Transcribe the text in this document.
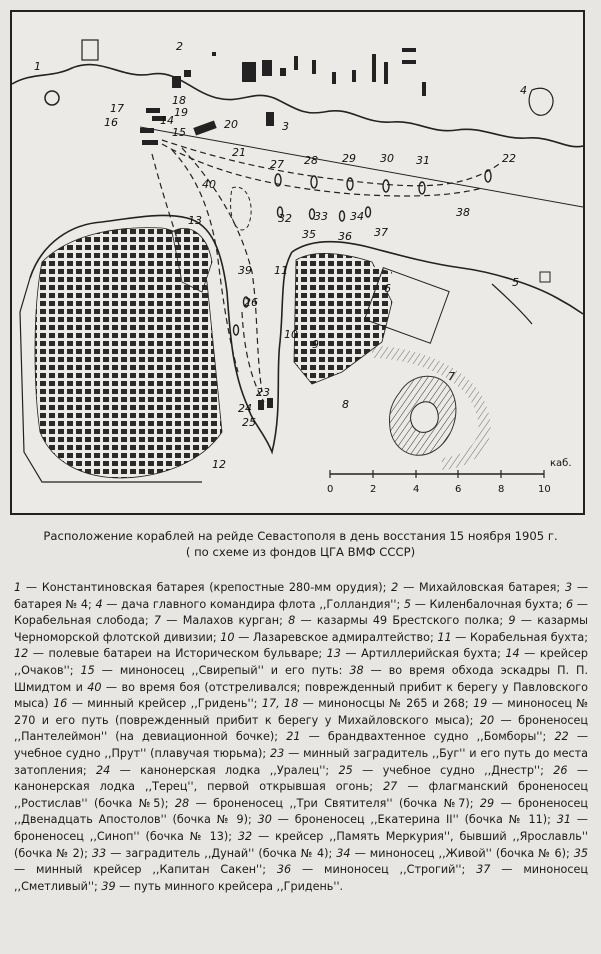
1
2
3
4
5
6
7
8
9
10
11
12
13
14
15
16
17
18
19
20
21	22
23
24
25
26
27 28 29 30 31
32 33 34
35 36 37
38
39
40
0	2	4	6	8	10
каб.
Расположение кораблей на рейде Севастополя в день восстания 15 ноября 1905 г.
( по схеме из фондов ЦГА ВМФ СССР)
1 — Константиновская батарея (крепостные 280-мм орудия); 2 — Михайловская батарея; 3 — батарея № 4; 4 — дача главного командира флота ,,Голландия''; 5 — Киленбалочная бухта; 6 — Корабельная слобода; 7 — Малахов курган; 8 — казармы 49 Брестского полка; 9 — казармы Черноморской флотской дивизии; 10 — Лазаревское адмиралтейство; 11 — Корабельная бухта; 12 — полевые батареи на Историческом бульваре; 13 — Артиллерийская бухта; 14 — крейсер ,,Очаков''; 15 — миноносец ,,Свирепый'' и его путь: 38 — во время обхода эскадры П. П. Шмидтом и 40 — во время боя (отстреливался; поврежденный прибит к берегу у Павловского мыса) 16 — минный крейсер ,,Гридень''; 17, 18 — миноносцы № 265 и 268; 19 — миноносец № 270 и его путь (поврежденный прибит к берегу у Михайловского мыса); 20 — броненосец ,,Пантелеймон'' (на девиационной бочке); 21 — брандвахтенное судно ,,Бомборы''; 22 — учебное судно ,,Прут'' (плавучая тюрьма); 23 — минный заградитель ,,Буг'' и его путь до места затопления; 24 — канонерская лодка ,,Уралец''; 25 — учебное судно ,,Днестр''; 26 — канонерская лодка ,,Терец'', первой открывшая огонь; 27 — флагманский броненосец ,,Ростислав'' (бочка №5); 28 — броненосец ,,Три Святителя'' (бочка №7); 29 — броненосец ,,Двенадцать Апостолов'' (бочка № 9); 30 — броненосец ,,Екатерина II'' (бочка № 11); 31 — броненосец ,,Синоп'' (бочка № 13); 32 — крейсер ,,Память Меркурия'', бывший ,,Ярославль'' (бочка № 2); 33 — заградитель ,,Дунай'' (бочка № 4); 34 — миноносец ,,Живой'' (бочка № 6); 35 — минный крейсер ,,Капитан Сакен''; 36 — миноносец ,,Строгий''; 37 — миноносец ,,Сметливый''; 39 — путь минного крейсера ,,Гридень''.
